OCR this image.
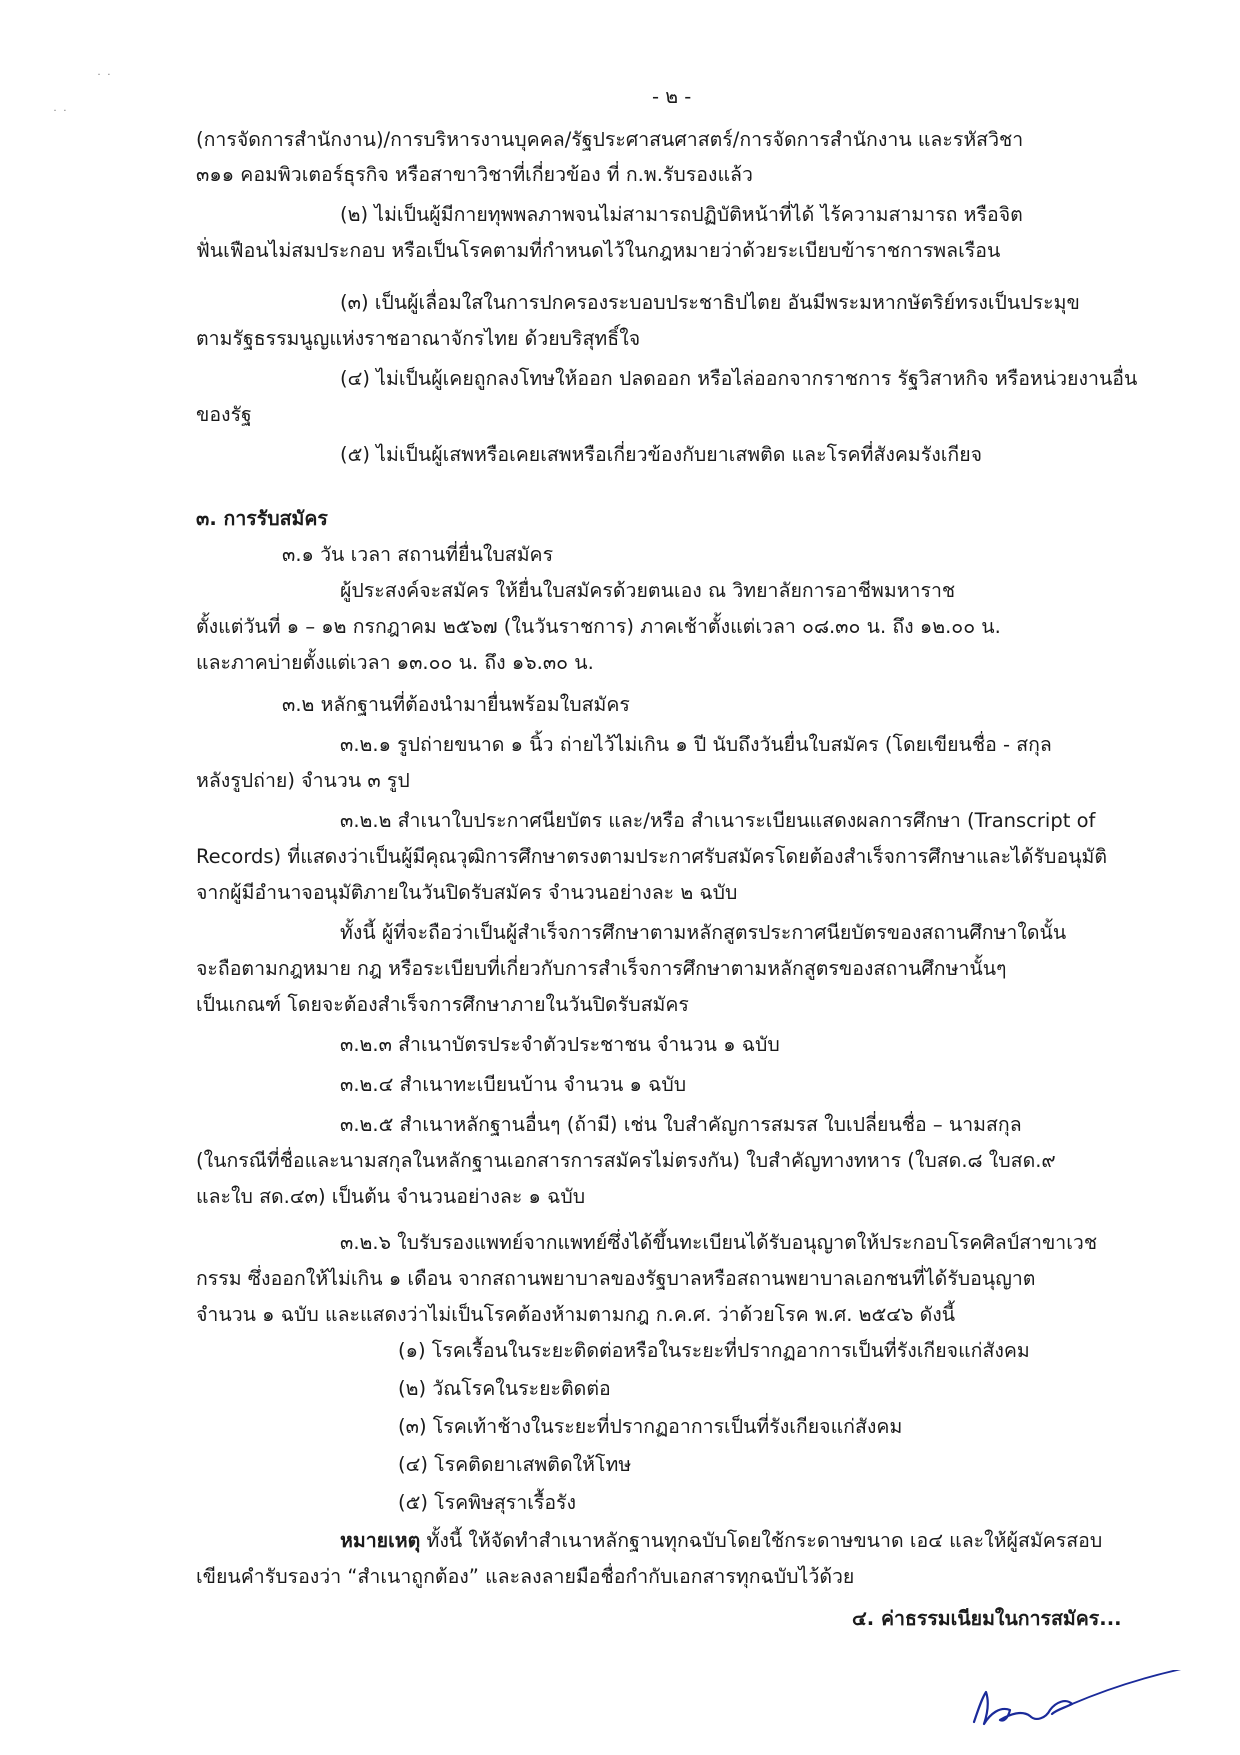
˙ ˙
˙ ˙
- ๒ -
(การจัดการสำนักงาน)/การบริหารงานบุคคล/รัฐประศาสนศาสตร์/การจัดการสำนักงาน และรหัสวิชา
๓๑๑ คอมพิวเตอร์ธุรกิจ หรือสาขาวิชาที่เกี่ยวข้อง ที่ ก.พ.รับรองแล้ว
(๒) ไม่เป็นผู้มีกายทุพพลภาพจนไม่สามารถปฏิบัติหน้าที่ได้ ไร้ความสามารถ หรือจิต
ฟั่นเฟือนไม่สมประกอบ หรือเป็นโรคตามที่กำหนดไว้ในกฎหมายว่าด้วยระเบียบข้าราชการพลเรือน
(๓) เป็นผู้เลื่อมใสในการปกครองระบอบประชาธิปไตย อันมีพระมหากษัตริย์ทรงเป็นประมุข
ตามรัฐธรรมนูญแห่งราชอาณาจักรไทย ด้วยบริสุทธิ์ใจ
(๔) ไม่เป็นผู้เคยถูกลงโทษให้ออก ปลดออก หรือไล่ออกจากราชการ รัฐวิสาหกิจ หรือหน่วยงานอื่น
ของรัฐ
(๕) ไม่เป็นผู้เสพหรือเคยเสพหรือเกี่ยวข้องกับยาเสพติด และโรคที่สังคมรังเกียจ
๓. การรับสมัคร
๓.๑ วัน เวลา สถานที่ยื่นใบสมัคร
ผู้ประสงค์จะสมัคร ให้ยื่นใบสมัครด้วยตนเอง ณ วิทยาลัยการอาชีพมหาราช
ตั้งแต่วันที่ ๑ – ๑๒ กรกฎาคม ๒๕๖๗ (ในวันราชการ) ภาคเช้าตั้งแต่เวลา ๐๘.๓๐ น. ถึง ๑๒.๐๐ น.
และภาคบ่ายตั้งแต่เวลา ๑๓.๐๐ น. ถึง ๑๖.๓๐ น.
๓.๒ หลักฐานที่ต้องนำมายื่นพร้อมใบสมัคร
๓.๒.๑ รูปถ่ายขนาด ๑ นิ้ว ถ่ายไว้ไม่เกิน ๑ ปี นับถึงวันยื่นใบสมัคร (โดยเขียนชื่อ - สกุล
หลังรูปถ่าย) จำนวน ๓ รูป
๓.๒.๒ สำเนาใบประกาศนียบัตร และ/หรือ สำเนาระเบียนแสดงผลการศึกษา (Transcript of
Records) ที่แสดงว่าเป็นผู้มีคุณวุฒิการศึกษาตรงตามประกาศรับสมัครโดยต้องสำเร็จการศึกษาและได้รับอนุมัติ
จากผู้มีอำนาจอนุมัติภายในวันปิดรับสมัคร จำนวนอย่างละ ๒ ฉบับ
ทั้งนี้ ผู้ที่จะถือว่าเป็นผู้สำเร็จการศึกษาตามหลักสูตรประกาศนียบัตรของสถานศึกษาใดนั้น
จะถือตามกฎหมาย กฎ หรือระเบียบที่เกี่ยวกับการสำเร็จการศึกษาตามหลักสูตรของสถานศึกษานั้นๆ
เป็นเกณฑ์ โดยจะต้องสำเร็จการศึกษาภายในวันปิดรับสมัคร
๓.๒.๓ สำเนาบัตรประจำตัวประชาชน จำนวน ๑ ฉบับ
๓.๒.๔ สำเนาทะเบียนบ้าน จำนวน ๑ ฉบับ
๓.๒.๕ สำเนาหลักฐานอื่นๆ (ถ้ามี) เช่น ใบสำคัญการสมรส ใบเปลี่ยนชื่อ – นามสกุล
(ในกรณีที่ชื่อและนามสกุลในหลักฐานเอกสารการสมัครไม่ตรงกัน) ใบสำคัญทางทหาร (ใบสด.๘ ใบสด.๙
และใบ สด.๔๓) เป็นต้น จำนวนอย่างละ ๑ ฉบับ
๓.๒.๖ ใบรับรองแพทย์จากแพทย์ซึ่งได้ขึ้นทะเบียนได้รับอนุญาตให้ประกอบโรคศิลป์สาขาเวช
กรรม ซึ่งออกให้ไม่เกิน ๑ เดือน จากสถานพยาบาลของรัฐบาลหรือสถานพยาบาลเอกชนที่ได้รับอนุญาต
จำนวน ๑ ฉบับ และแสดงว่าไม่เป็นโรคต้องห้ามตามกฎ ก.ค.ศ. ว่าด้วยโรค พ.ศ. ๒๕๔๖ ดังนี้
(๑) โรคเรื้อนในระยะติดต่อหรือในระยะที่ปรากฏอาการเป็นที่รังเกียจแก่สังคม
(๒) วัณโรคในระยะติดต่อ
(๓) โรคเท้าช้างในระยะที่ปรากฏอาการเป็นที่รังเกียจแก่สังคม
(๔) โรคติดยาเสพติดให้โทษ
(๕) โรคพิษสุราเรื้อรัง
หมายเหตุ ทั้งนี้ ให้จัดทำสำเนาหลักฐานทุกฉบับโดยใช้กระดาษขนาด เอ๔ และให้ผู้สมัครสอบ
เขียนคำรับรองว่า “สำเนาถูกต้อง” และลงลายมือชื่อกำกับเอกสารทุกฉบับไว้ด้วย
๔. ค่าธรรมเนียมในการสมัคร...
